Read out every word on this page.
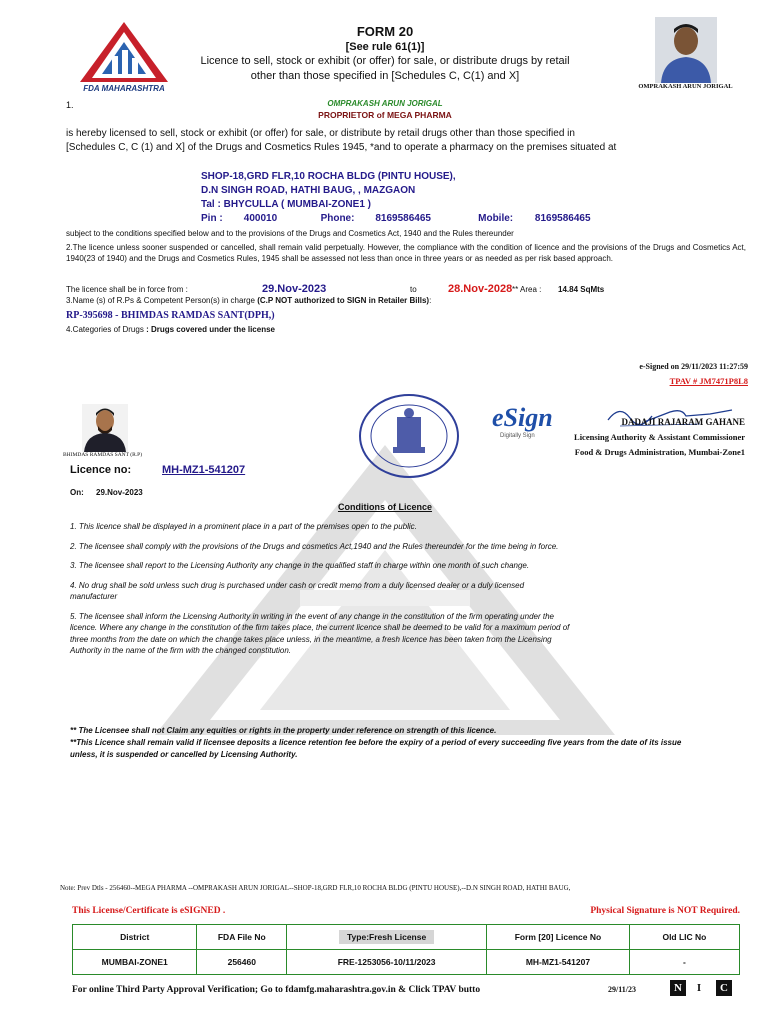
FDA MAHARASHTRA
FORM 20
[See rule 61(1)]
Licence to sell, stock or exhibit (or offer) for sale, or distribute drugs by retail
other than those specified in [Schedules C, C(1) and X]
OMPRAKASH ARUN JORIGAL
1.	OMPRAKASH ARUN JORIGAL
PROPRIETOR of MEGA PHARMA
is hereby licensed to sell, stock or exhibit (or offer) for sale, or distribute by retail drugs other than those specified in
[Schedules C, C (1) and X] of the Drugs and Cosmetics Rules 1945, *and to operate a pharmacy on the premises situated at
SHOP-18,GRD FLR,10 ROCHA BLDG (PINTU HOUSE),
D.N SINGH ROAD, HATHI BAUG, , MAZGAON
Tal : BHYCULLA ( MUMBAI-ZONE1 )
Pin : 400010	Phone: 8169586465	Mobile: 8169586465
subject to the conditions specified below and to the provisions of the Drugs and Cosmetics Act, 1940 and the Rules thereunder
2.The licence unless sooner suspended or cancelled, shall remain valid perpetually. However, the compliance with the condition of licence and the provisions of the Drugs and Cosmetics Act, 1940(23 of 1940) and the Drugs and Cosmetics Rules, 1945 shall be assessed not less than once in three years or as needed as per risk based approach.
The licence shall be in force from :	29.Nov-2023	to	28.Nov-2028 ** Area : 14.84 SqMts
3.Name (s) of R.Ps & Competent Person(s) in charge (C.P NOT authorized to SIGN in Retailer Bills):
RP-395698 - BHIMDAS RAMDAS SANT(DPH,)
4.Categories of Drugs : Drugs covered under the license
e-Signed on 29/11/2023 11:27:59
TPAV # JM7471P8L8
BHIMDAS RAMDAS SANT (R.P)
eSign
Digitally Sign
DADAJI RAJARAM GAHANE
Licensing Authority & Assistant Commissioner
Food & Drugs Administration, Mumbai-Zone1
Licence no:	MH-MZ1-541207
On: 29.Nov-2023
Conditions of Licence

1. This licence shall be displayed in a prominent place in a part of the premises open to the public.

2. The licensee shall comply with the provisions of the Drugs and cosmetics Act,1940 and the Rules thereunder for the time being in force.

3. The licensee shall report to the Licensing Authority any change in the qualified staff in charge within one month of such change.

4. No drug shall be sold unless such drug is purchased under cash or credit memo from a duly licensed dealer or a duly licensed manufacturer

5. The licensee shall inform the Licensing Authority in writing in the event of any change in the constitution of the firm operating under the licence. Where any change in the constitution of the firm takes place, the current licence shall be deemed to be valid for a maximum period of three months from the date on which the change takes place unless, in the meantime, a fresh licence has been taken from the Licensing Authority in the name of the firm with the changed constitution.

** The Licensee shall not Claim any equities or rights in the property under reference on strength of this licence.
**This Licence shall remain valid if licensee deposits a licence retention fee before the expiry of a period of every succeeding five years from the date of its issue unless, it is suspended or cancelled by Licensing Authority.
Note: Prev Dtls - 256460--MEGA PHARMA --OMPRAKASH ARUN JORIGAL--SHOP-18,GRD FLR,10 ROCHA BLDG (PINTU HOUSE),--D.N SINGH ROAD, HATHI BAUG,
This License/Certificate is eSIGNED .	Physical Signature is NOT Required.
District	FDA File No	Type:Fresh License	Form [20] Licence No	Old LIC No
MUMBAI-ZONE1	256460	FRE-1253056-10/11/2023	MH-MZ1-541207	-
For online Third Party Approval Verification; Go to fdamfg.maharashtra.gov.in & Click TPAV butto	29/11/23	N	I	C
